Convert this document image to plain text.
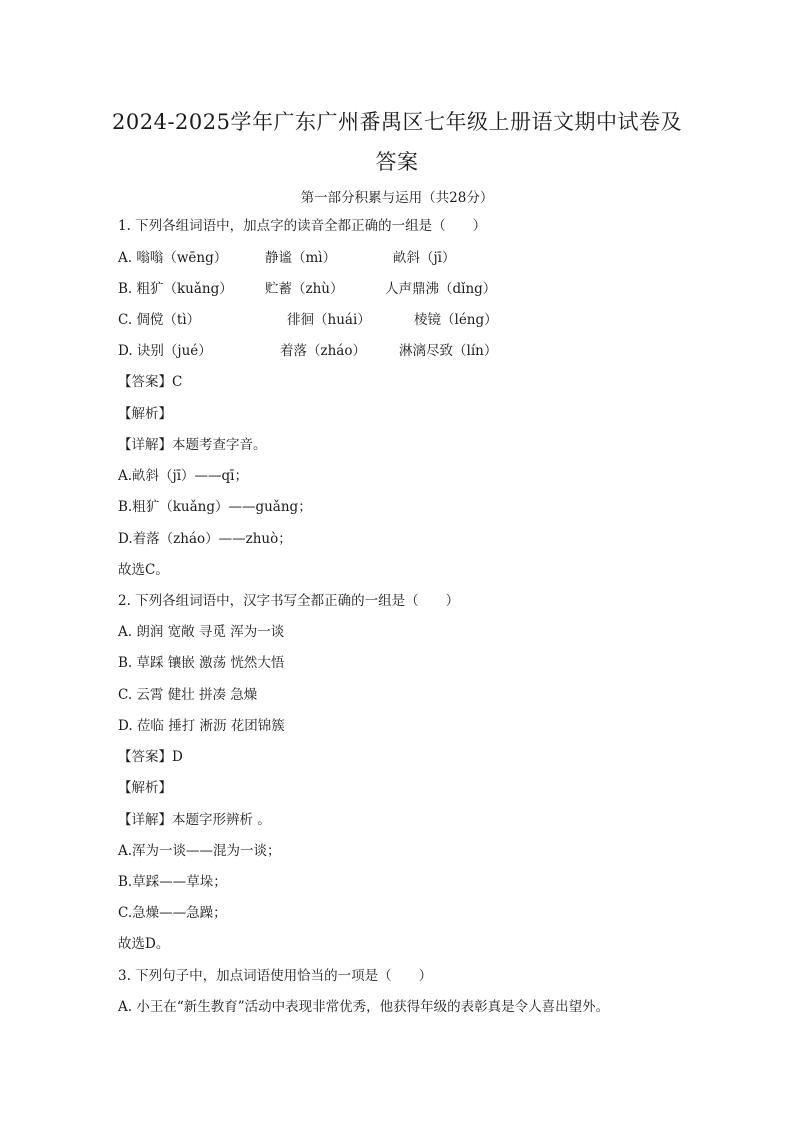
2024-2025学年广东广州番禺区七年级上册语文期中试卷及
答案
第一部分积累与运用（共28分）
1. 下列各组词语中，加点字的读音全都正确的一组是（　　）
A. 嗡嗡（wēng）	静谧（mì）	畝斜（jī）
B. 粗犷（kuǎng） 贮蓄（zhù）	人声鼎沸（dǐng）
C. 倜傥（tì）	徘徊（huái）	棱镜（léng）
D. 诀别（jué）	着落（zháo） 淋漓尽致（lín）
【答案】C
【解析】
【详解】本题考查字音。
A.畝斜（jī）——qī；
B.粗犷（kuǎng）——guǎng；
D.着落（zháo）——zhuò；
故选C。
2. 下列各组词语中，汉字书写全都正确的一组是（　　）
A. 朗润 宽敞 寻觅 浑为一谈
B. 草踩 镶嵌 激荡 恍然大悟
C. 云霄 健壮 拼凑 急燥
D. 莅临 捶打 淅沥 花团锦簇
【答案】D
【解析】
【详解】本题字形辨析 。
A.浑为一谈——混为一谈；
B.草踩——草垛；
C.急燥——急躁；
故选D。
3. 下列句子中，加点词语使用恰当的一项是（　　）
A. 小王在“新生教育”活动中表现非常优秀，他获得年级的表彰真是令人喜出望外。
